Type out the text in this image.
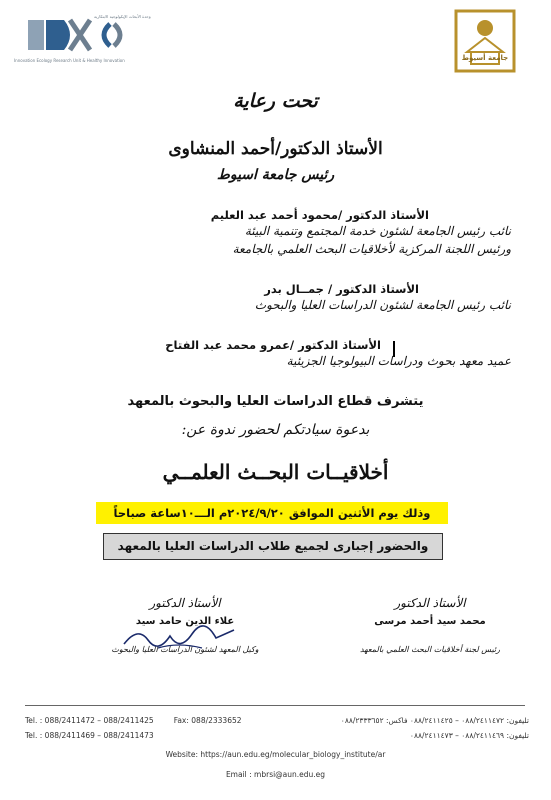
Innovation Ecology Research Unit & Healthy Innovation
وحدة الأبحاث الإيكولوجية الابتكارية
جامعة أسيوط
تحت رعاية
الأستاذ الدكتور/أحمد المنشاوى
رئيس جامعة اسيوط
الأستاذ الدكتور /محمود أحمد عبد العليم
نائب رئيس الجامعة لشئون خدمة المجتمع وتنمية البيئة
ورئيس اللجنة المركزية لأخلاقيات البحث العلمي بالجامعة
الأستاذ الدكتور / جمــال بدر
نائب رئيس الجامعة لشئون الدراسات العليا والبحوث
الأستاذ الدكتور /عمرو محمد عبد الفتاح
عميد معهد بحوث ودراسات البيولوجيا الجزيئية
يتشرف قطاع الدراسات العليا والبحوث بالمعهد
بدعوة سيادتكم لحضور ندوة عن:
أخلاقيــات البحــث العلمــي
وذلك يوم الأثنين الموافق ٢٠٢٤/٩/٢٠م الـــ١٠ساعة صباحاً
والحضور إجبارى لجميع طلاب الدراسات العليا بالمعهد
الأستاذ الدكتور
علاء الدين حامد سيد
وكيل المعهد لشئون الدراسات العليا والبحوث
الأستاذ الدكتور
محمد سيد أحمد مرسى
رئيس لجنة أخلاقيات البحث العلمي بالمعهد
Tel. : 088/2411472 – 088/2411425	Fax: 088/2333652
Tel. : 088/2411469 – 088/2411473
تليفون: ٠٨٨/٢٤١١٤٧٢ – ٠٨٨/٢٤١١٤٢٥ فاكس: ٠٨٨/٢٣٣٣٦٥٢
تليفون: ٠٨٨/٢٤١١٤٦٩ – ٠٨٨/٢٤١١٤٧٣
Website: https://aun.edu.eg/molecular_biology_institute/ar
Email : mbrsi@aun.edu.eg
